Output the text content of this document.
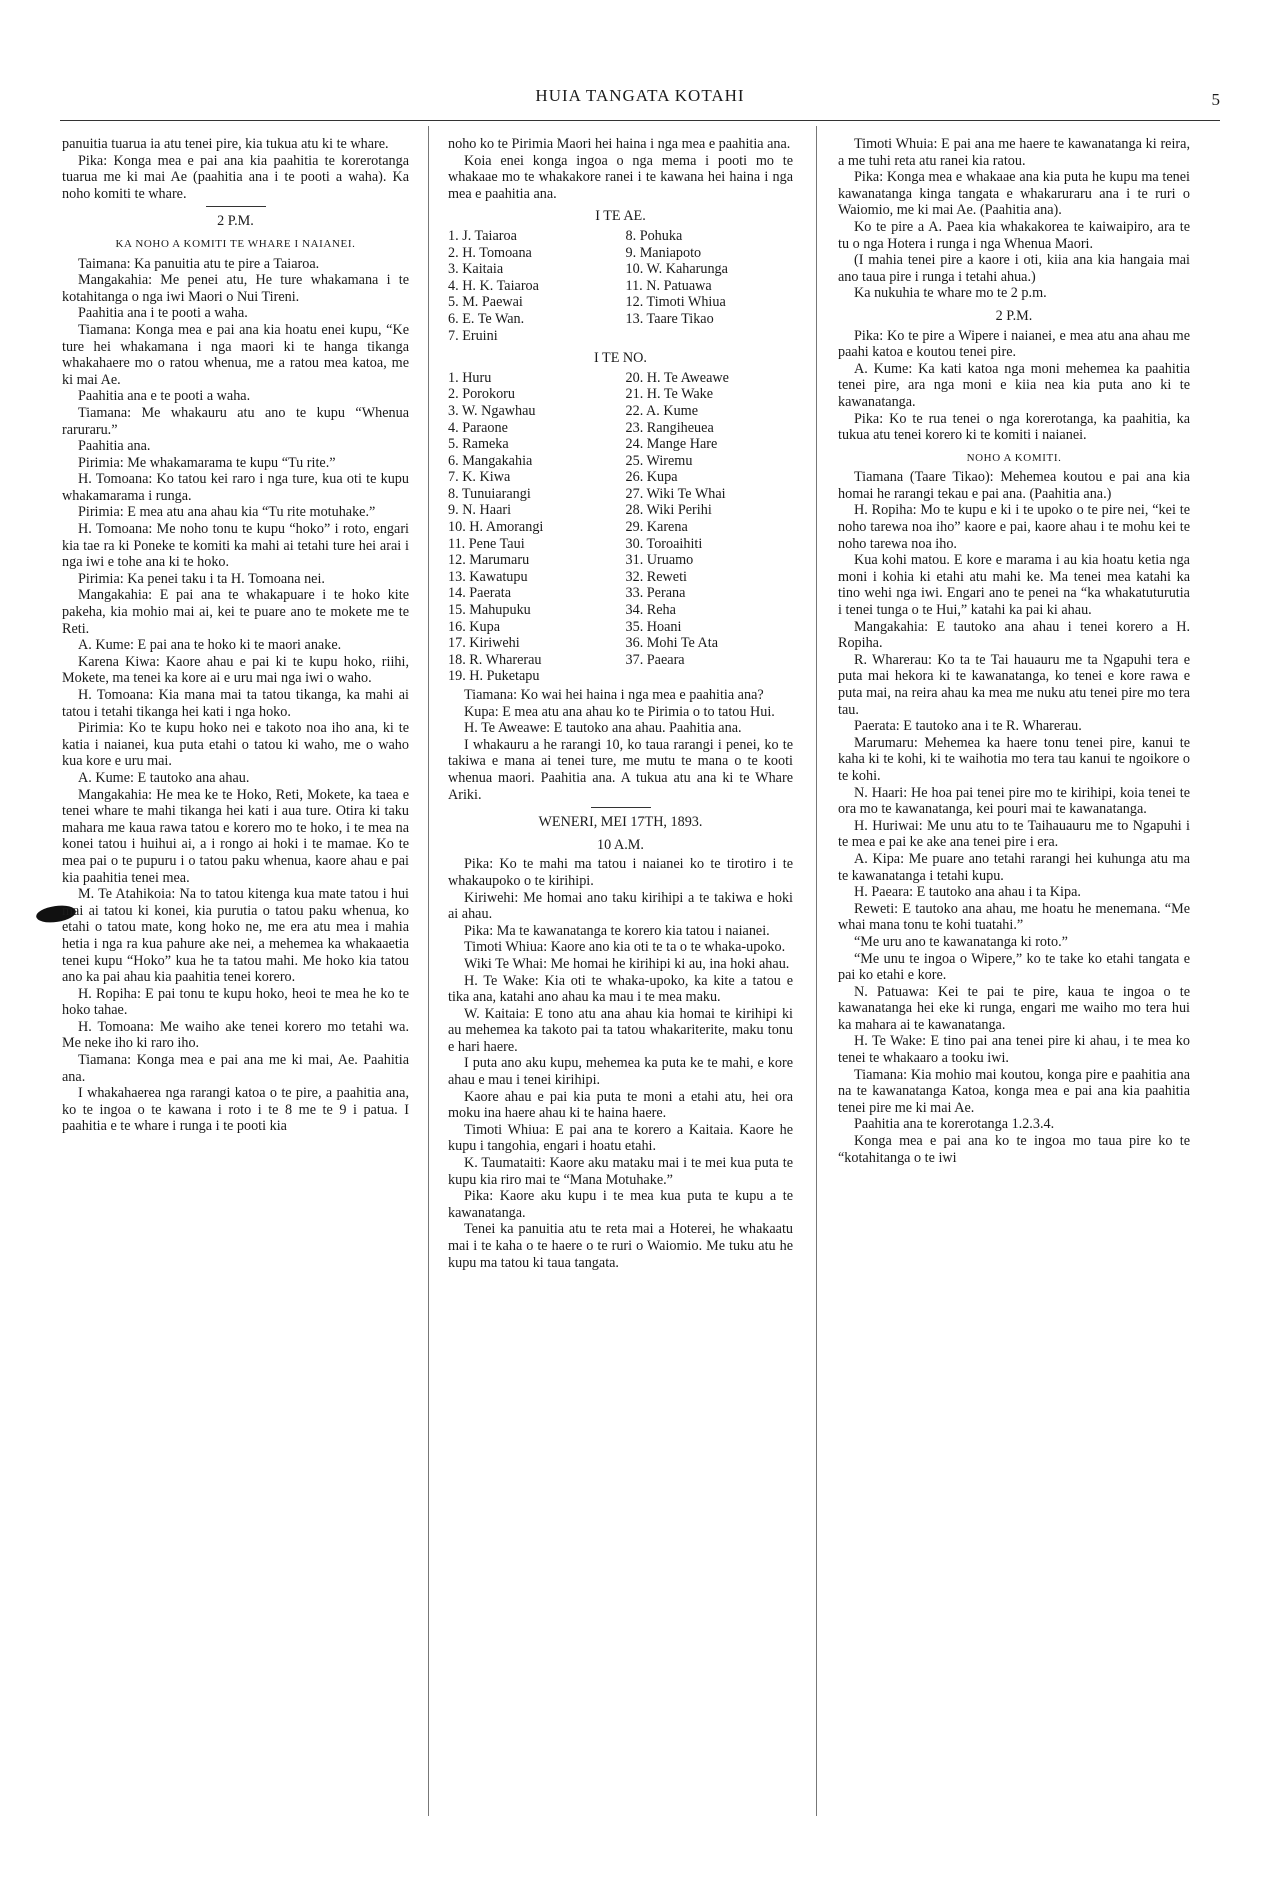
HUIA TANGATA KOTAHI	5

panuitia tuarua ia atu tenei pire, kia tukua atu ki te whare.

Pika: Konga mea e pai ana kia paahitia te korerotanga tuarua me ki mai Ae (paahitia ana i te pooti a waha). Ka noho komiti te whare.

2 P.M.
KA NOHO A KOMITI TE WHARE I NAIANEI.

Taimana: Ka panuitia atu te pire a Taiaroa.

Mangakahia: Me penei atu, He ture whakamana i te kotahitanga o nga iwi Maori o Nui Tireni.

Paahitia ana i te pooti a waha.

Tiamana: Konga mea e pai ana kia hoatu enei kupu, “Ke ture hei whakamana i nga maori ki te hanga tikanga whakahaere mo o ratou whenua, me a ratou mea katoa, me ki mai Ae.

Paahitia ana e te pooti a waha.

Tiamana: Me whakauru atu ano te kupu “Whenua raruraru.”

Paahitia ana.

Pirimia: Me whakamarama te kupu “Tu rite.”

H. Tomoana: Ko tatou kei raro i nga ture, kua oti te kupu whakamarama i runga.

Pirimia: E mea atu ana ahau kia “Tu rite motuhake.”

H. Tomoana: Me noho tonu te kupu “hoko” i roto, engari kia tae ra ki Poneke te komiti ka mahi ai tetahi ture hei arai i nga iwi e tohe ana ki te hoko.

Pirimia: Ka penei taku i ta H. Tomoana nei.

Mangakahia: E pai ana te whakapuare i te hoko kite pakeha, kia mohio mai ai, kei te puare ano te mokete me te Reti.

A. Kume: E pai ana te hoko ki te maori anake.

Karena Kiwa: Kaore ahau e pai ki te kupu hoko, riihi, Mokete, ma tenei ka kore ai e uru mai nga iwi o waho.

H. Tomoana: Kia mana mai ta tatou tikanga, ka mahi ai tatou i tetahi tikanga hei kati i nga hoko.

Pirimia: Ko te kupu hoko nei e takoto noa iho ana, ki te katia i naianei, kua puta etahi o tatou ki waho, me o waho kua kore e uru mai.

A. Kume: E tautoko ana ahau.

Mangakahia: He mea ke te Hoko, Reti, Mokete, ka taea e tenei whare te mahi tikanga hei kati i aua ture. Otira ki taku mahara me kaua rawa tatou e korero mo te hoko, i te mea na konei tatou i huihui ai, a i rongo ai hoki i te mamae. Ko te mea pai o te pupuru i o tatou paku whenua, kaore ahau e pai kia paahitia tenei mea.

M. Te Atahikoia: Na to tatou kitenga kua mate tatou i hui mai ai tatou ki konei, kia purutia o tatou paku whenua, ko etahi o tatou mate, kong hoko ne, me era atu mea i mahia hetia i nga ra kua pahure ake nei, a mehemea ka whakaaetia tenei kupu “Hoko” kua he ta tatou mahi. Me hoko kia tatou ano ka pai ahau kia paahitia tenei korero.

H. Ropiha: E pai tonu te kupu hoko, heoi te mea he ko te hoko tahae.

H. Tomoana: Me waiho ake tenei korero mo tetahi wa. Me neke iho ki raro iho.

Tiamana: Konga mea e pai ana me ki mai, Ae. Paahitia ana.

I whakahaerea nga rarangi katoa o te pire, a paahitia ana, ko te ingoa o te kawana i roto i te 8 me te 9 i patua. I paahitia e te whare i runga i te pooti kia

noho ko te Pirimia Maori hei haina i nga mea e paahitia ana.

Koia enei konga ingoa o nga mema i pooti mo te whakaae mo te whakakore ranei i te kawana hei haina i nga mea e paahitia ana.

I TE AE.
1. J. Taiaroa	8. Pohuka
2. H. Tomoana	9. Maniapoto
3. Kaitaia	10. W. Kaharunga
4. H. K. Taiaroa	11. N. Patuawa
5. M. Paewai	12. Timoti Whiua
6. E. Te Wan.	13. Taare Tikao
7. Eruini

I TE NO.
1. Huru	20. H. Te Aweawe
2. Porokoru	21. H. Te Wake
3. W. Ngawhau	22. A. Kume
4. Paraone	23. Rangiheuea
5. Rameka	24. Mange Hare
6. Mangakahia	25. Wiremu
7. K. Kiwa	26. Kupa
8. Tunuiarangi	27. Wiki Te Whai
9. N. Haari	28. Wiki Perihi
10. H. Amorangi	29. Karena
11. Pene Taui	30. Toroaihiti
12. Marumaru	31. Uruamo
13. Kawatupu	32. Reweti
14. Paerata	33. Perana
15. Mahupuku	34. Reha
16. Kupa	35. Hoani
17. Kiriwehi	36. Mohi Te Ata
18. R. Wharerau	37. Paeara
19. H. Puketapu

Tiamana: Ko wai hei haina i nga mea e paahitia ana?

Kupa: E mea atu ana ahau ko te Pirimia o to tatou Hui.

H. Te Aweawe: E tautoko ana ahau. Paahitia ana.

I whakauru a he rarangi 10, ko taua rarangi i penei, ko te takiwa e mana ai tenei ture, me mutu te mana o te kooti whenua maori. Paahitia ana. A tukua atu ana ki te Whare Ariki.

WENERI, MEI 17TH, 1893.
10 A.M.

Pika: Ko te mahi ma tatou i naianei ko te tirotiro i te whakaupoko o te kirihipi.

Kiriwehi: Me homai ano taku kirihipi a te takiwa e hoki ai ahau.

Pika: Ma te kawanatanga te korero kia tatou i naianei.

Timoti Whiua: Kaore ano kia oti te ta o te whaka-upoko.

Wiki Te Whai: Me homai he kirihipi ki au, ina hoki ahau.

H. Te Wake: Kia oti te whaka-upoko, ka kite a tatou e tika ana, katahi ano ahau ka mau i te mea maku.

W. Kaitaia: E tono atu ana ahau kia homai te kirihipi ki au mehemea ka takoto pai ta tatou whakariterite, maku tonu e hari haere.

I puta ano aku kupu, mehemea ka puta ke te mahi, e kore ahau e mau i tenei kirihipi.

Kaore ahau e pai kia puta te moni a etahi atu, hei ora moku ina haere ahau ki te haina haere.

Timoti Whiua: E pai ana te korero a Kaitaia. Kaore he kupu i tangohia, engari i hoatu etahi.

K. Taumataiti: Kaore aku mataku mai i te mei kua puta te kupu kia riro mai te “Mana Motuhake.”

Pika: Kaore aku kupu i te mea kua puta te kupu a te kawanatanga.

Tenei ka panuitia atu te reta mai a Hoterei, he whakaatu mai i te kaha o te haere o te ruri o Waiomio. Me tuku atu he kupu ma tatou ki taua tangata.

Timoti Whuia: E pai ana me haere te kawanatanga ki reira, a me tuhi reta atu ranei kia ratou.

Pika: Konga mea e whakaae ana kia puta he kupu ma tenei kawanatanga kinga tangata e whakaruraru ana i te ruri o Waiomio, me ki mai Ae. (Paahitia ana).

Ko te pire a A. Paea kia whakakorea te kaiwaipiro, ara te tu o nga Hotera i runga i nga Whenua Maori.

(I mahia tenei pire a kaore i oti, kiia ana kia hangaia mai ano taua pire i runga i tetahi ahua.)

Ka nukuhia te whare mo te 2 p.m.

2 P.M.

Pika: Ko te pire a Wipere i naianei, e mea atu ana ahau me paahi katoa e koutou tenei pire.

A. Kume: Ka kati katoa nga moni mehemea ka paahitia tenei pire, ara nga moni e kiia nea kia puta ano ki te kawanatanga.

Pika: Ko te rua tenei o nga korerotanga, ka paahitia, ka tukua atu tenei korero ki te komiti i naianei.

NOHO A KOMITI.

Tiamana (Taare Tikao): Mehemea koutou e pai ana kia homai he rarangi tekau e pai ana. (Paahitia ana.)

H. Ropiha: Mo te kupu e ki i te upoko o te pire nei, “kei te noho tarewa noa iho” kaore e pai, kaore ahau i te mohu kei te noho tarewa noa iho.

Kua kohi matou. E kore e marama i au kia hoatu ketia nga moni i kohia ki etahi atu mahi ke. Ma tenei mea katahi ka tino wehi nga iwi. Engari ano te penei na “ka whakatuturutia i tenei tunga o te Hui,” katahi ka pai ki ahau.

Mangakahia: E tautoko ana ahau i tenei korero a H. Ropiha.

R. Wharerau: Ko ta te Tai hauauru me ta Ngapuhi tera e puta mai hekora ki te kawanatanga, ko tenei e kore rawa e puta mai, na reira ahau ka mea me nuku atu tenei pire mo tera tau.

Paerata: E tautoko ana i te R. Wharerau.

Marumaru: Mehemea ka haere tonu tenei pire, kanui te kaha ki te kohi, ki te waihotia mo tera tau kanui te ngoikore o te kohi.

N. Haari: He hoa pai tenei pire mo te kirihipi, koia tenei te ora mo te kawanatanga, kei pouri mai te kawanatanga.

H. Huriwai: Me unu atu to te Taihauauru me to Ngapuhi i te mea e pai ke ake ana tenei pire i era.

A. Kipa: Me puare ano tetahi rarangi hei kuhunga atu ma te kawanatanga i tetahi kupu.

H. Paeara: E tautoko ana ahau i ta Kipa.

Reweti: E tautoko ana ahau, me hoatu he menemana. “Me whai mana tonu te kohi tuatahi.”

“Me uru ano te kawanatanga ki roto.”

“Me unu te ingoa o Wipere,” ko te take ko etahi tangata e pai ko etahi e kore.

N. Patuawa: Kei te pai te pire, kaua te ingoa o te kawanatanga hei eke ki runga, engari me waiho mo tera hui ka mahara ai te kawanatanga.

H. Te Wake: E tino pai ana tenei pire ki ahau, i te mea ko tenei te whakaaro a tooku iwi.

Tiamana: Kia mohio mai koutou, konga pire e paahitia ana na te kawanatanga Katoa, konga mea e pai ana kia paahitia tenei pire me ki mai Ae.

Paahitia ana te korerotanga 1.2.3.4.

Konga mea e pai ana ko te ingoa mo taua pire ko te “kotahitanga o te iwi
